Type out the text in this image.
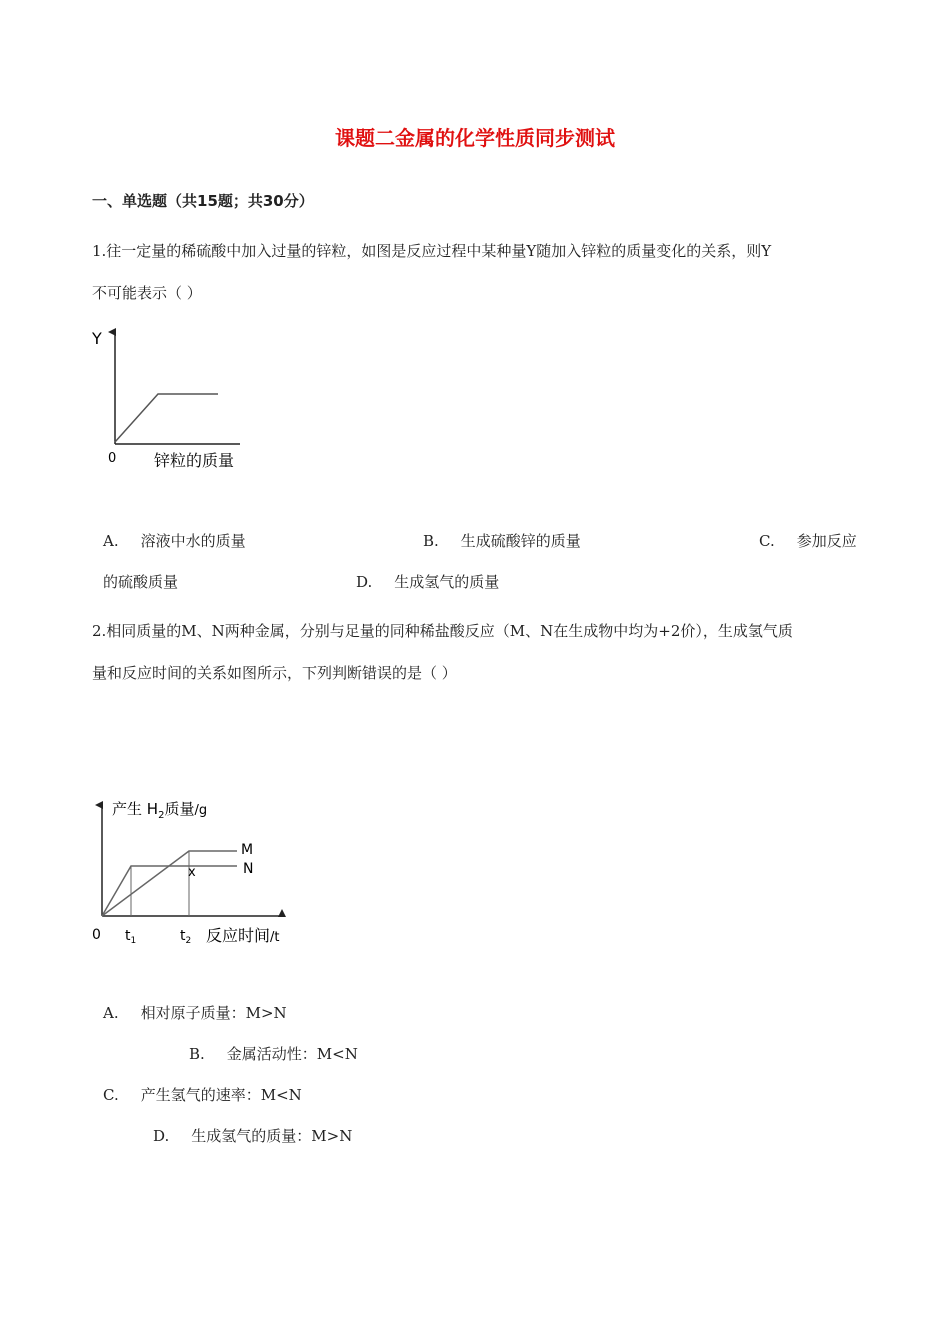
课题二金属的化学性质同步测试
一、单选题（共15题；共30分）
1.往一定量的稀硫酸中加入过量的锌粒，如图是反应过程中某种量Y随加入锌粒的质量变化的关系，则Y
不可能表示（ ）
Y
0 锌粒的质量
A. 溶液中水的质量	B. 生成硫酸锌的质量	C. 参加反应
的硫酸质量	D. 生成氢气的质量
2.相同质量的M、N两种金属，分别与足量的同种稀盐酸反应（M、N在生成物中均为+2价），生成氢气质
量和反应时间的关系如图所示，下列判断错误的是（ ）
产生 $H_2$质量/g
M
N
x
0 $t_1$	$t_2$ 反应时间/t
A. 相对原子质量：M>N
B. 金属活动性：M<N
C. 产生氢气的速率：M<N
D. 生成氢气的质量：M>N
